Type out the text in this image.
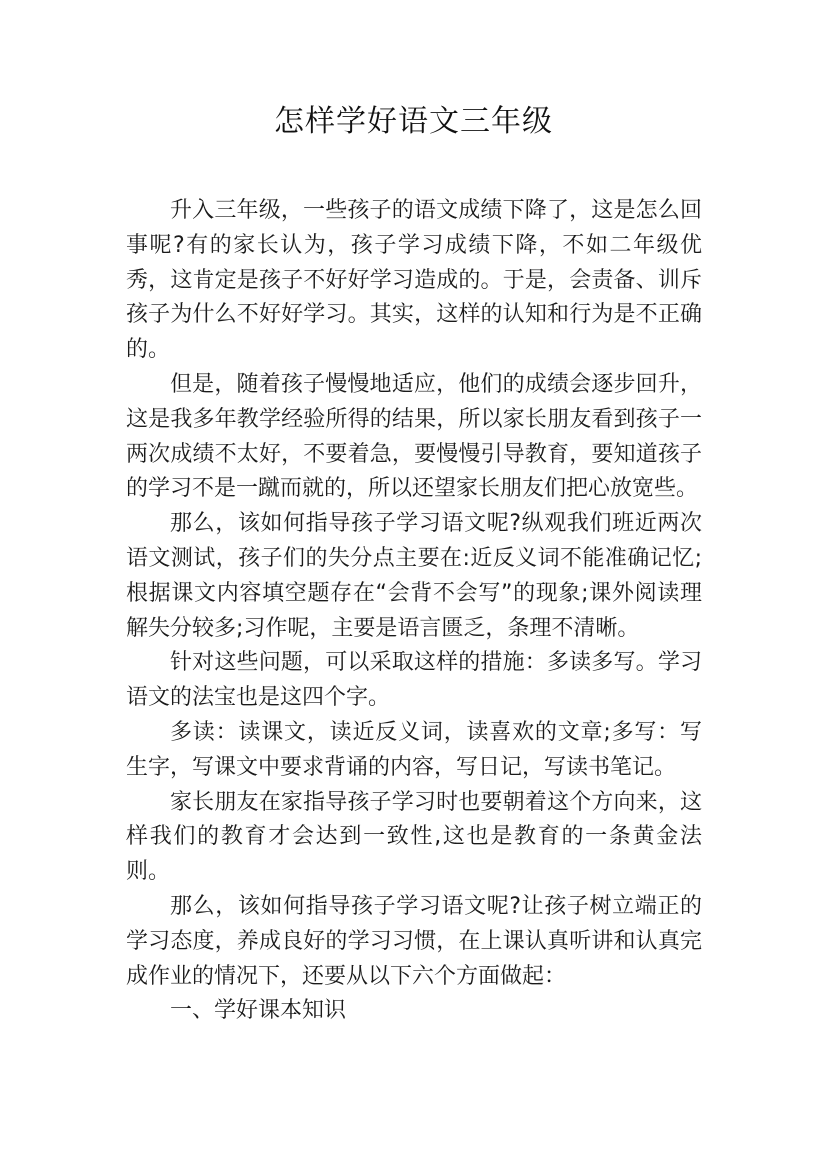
怎样学好语文三年级

升入三年级，一些孩子的语文成绩下降了，这是怎么回事呢?有的家长认为，孩子学习成绩下降，不如二年级优秀，这肯定是孩子不好好学习造成的。于是，会责备、训斥孩子为什么不好好学习。其实，这样的认知和行为是不正确的。

但是，随着孩子慢慢地适应，他们的成绩会逐步回升，这是我多年教学经验所得的结果，所以家长朋友看到孩子一两次成绩不太好，不要着急，要慢慢引导教育，要知道孩子的学习不是一蹴而就的，所以还望家长朋友们把心放宽些。

那么，该如何指导孩子学习语文呢?纵观我们班近两次语文测试，孩子们的失分点主要在:近反义词不能准确记忆;根据课文内容填空题存在“会背不会写”的现象;课外阅读理解失分较多;习作呢，主要是语言匮乏，条理不清晰。

针对这些问题，可以采取这样的措施：多读多写。学习语文的法宝也是这四个字。

多读：读课文，读近反义词，读喜欢的文章;多写：写生字，写课文中要求背诵的内容，写日记，写读书笔记。

家长朋友在家指导孩子学习时也要朝着这个方向来，这样我们的教育才会达到一致性,这也是教育的一条黄金法则。

那么，该如何指导孩子学习语文呢?让孩子树立端正的学习态度，养成良好的学习习惯，在上课认真听讲和认真完成作业的情况下，还要从以下六个方面做起：

一、学好课本知识
